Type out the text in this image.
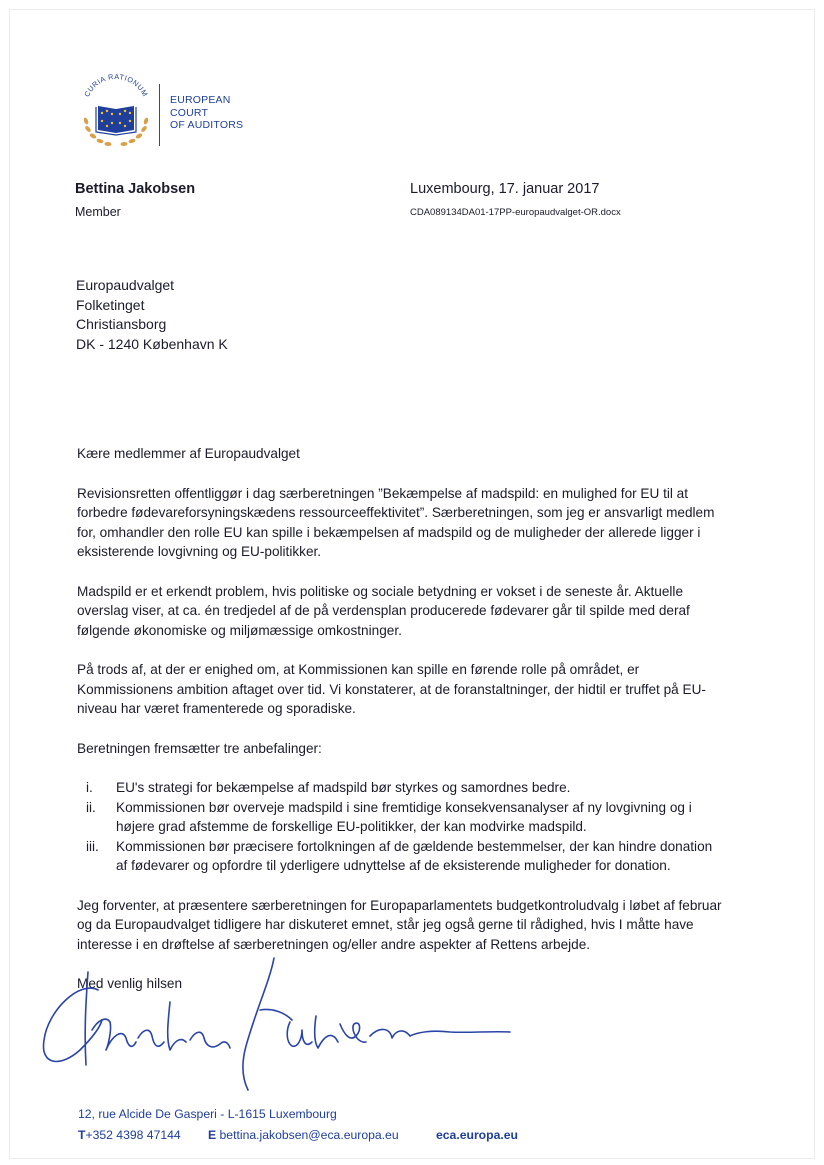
CURIA RATIONUM
EUROPEAN
COURT
OF AUDITORS
Bettina Jakobsen
Member
Luxembourg, 17. januar 2017
CDA089134DA01-17PP-europaudvalget-OR.docx
Europaudvalget
Folketinget
Christiansborg
DK - 1240 København K

Kære medlemmer af Europaudvalget

Revisionsretten offentliggør i dag særberetningen ”Bekæmpelse af madspild: en mulighed for EU til at forbedre fødevareforsyningskædens ressourceeffektivitet”. Særberetningen, som jeg er ansvarligt medlem for, omhandler den rolle EU kan spille i bekæmpelsen af madspild og de muligheder der allerede ligger i eksisterende lovgivning og EU-politikker.

Madspild er et erkendt problem, hvis politiske og sociale betydning er vokset i de seneste år. Aktuelle overslag viser, at ca. én tredjedel af de på verdensplan producerede fødevarer går til spilde med deraf følgende økonomiske og miljømæssige omkostninger.

På trods af, at der er enighed om, at Kommissionen kan spille en førende rolle på området, er Kommissionens ambition aftaget over tid. Vi konstaterer, at de foranstaltninger, der hidtil er truffet på EU-niveau har været framenterede og sporadiske.

Beretningen fremsætter tre anbefalinger:

i.	EU's strategi for bekæmpelse af madspild bør styrkes og samordnes bedre.
ii.	Kommissionen bør overveje madspild i sine fremtidige konsekvensanalyser af ny lovgivning og i højere grad afstemme de forskellige EU-politikker, der kan modvirke madspild.
iii.	Kommissionen bør præcisere fortolkningen af de gældende bestemmelser, der kan hindre donation af fødevarer og opfordre til yderligere udnyttelse af de eksisterende muligheder for donation.

Jeg forventer, at præsentere særberetningen for Europaparlamentets budgetkontroludvalg i løbet af februar og da Europaudvalget tidligere har diskuteret emnet, står jeg også gerne til rådighed, hvis I måtte have interesse i en drøftelse af særberetningen og/eller andre aspekter af Rettens arbejde.

Med venlig hilsen

12, rue Alcide De Gasperi - L-1615 Luxembourg
T+352 4398 47144	E bettina.jakobsen@eca.europa.eu	eca.europa.eu
